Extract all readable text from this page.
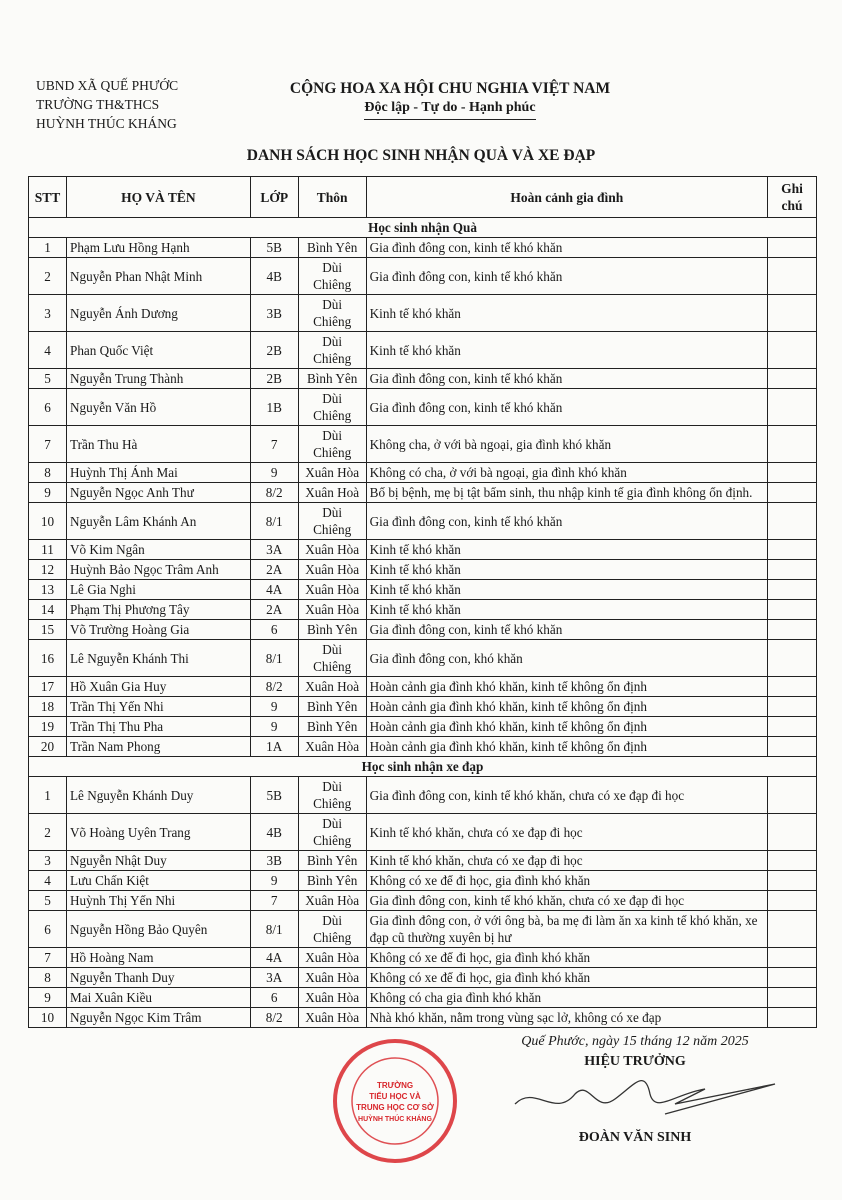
UBND XÃ QUẾ PHƯỚC
TRƯỜNG TH&THCS
HUỲNH THÚC KHÁNG
CỘNG HOA XA HỘI CHU NGHIA VIỆT NAM
Độc lập - Tự do - Hạnh phúc
DANH SÁCH HỌC SINH NHẬN QUÀ VÀ XE ĐẠP
STT	HỌ VÀ TÊN	LỚP	Thôn	Hoàn cảnh gia đình	Ghi chú
Học sinh nhận Quà					
1	Phạm Lưu Hồng Hạnh	5B	Bình Yên	Gia đình đông con, kinh tế khó khăn	
2	Nguyễn Phan Nhật Minh	4B	Dùi Chiêng	Gia đình đông con, kinh tế khó khăn	
3	Nguyễn Ánh Dương	3B	Dùi Chiêng	Kinh tế khó khăn	
4	Phan Quốc Việt	2B	Dùi Chiêng	Kinh tế khó khăn	
5	Nguyễn Trung Thành	2B	Bình Yên	Gia đình đông con, kinh tế khó khăn	
6	Nguyễn Văn Hồ	1B	Dùi Chiêng	Gia đình đông con, kinh tế khó khăn	
7	Trần Thu Hà	7	Dùi Chiêng	Không cha, ở với bà ngoại, gia đình khó khăn	
8	Huỳnh Thị Ánh Mai	9	Xuân Hòa	Không có cha, ở với bà ngoại, gia đình khó khăn	
9	Nguyễn Ngọc Anh Thư	8/2	Xuân Hoà	Bố bị bệnh, mẹ bị tật bẩm sinh, thu nhập kinh tế gia đình không ổn định.	
10	Nguyễn Lâm Khánh An	8/1	Dùi Chiêng	Gia đình đông con, kinh tế khó khăn	
11	Võ Kim Ngân	3A	Xuân Hòa	Kinh tế khó khăn	
12	Huỳnh Bảo Ngọc Trâm Anh	2A	Xuân Hòa	Kinh tế khó khăn	
13	Lê Gia Nghi	4A	Xuân Hòa	Kinh tế khó khăn	
14	Phạm Thị Phương Tây	2A	Xuân Hòa	Kinh tế khó khăn	
15	Võ Trường Hoàng Gia	6	Bình Yên	Gia đình đông con, kinh tế khó khăn	
16	Lê Nguyễn Khánh Thi	8/1	Dùi Chiêng	Gia đình đông con, khó khăn	
17	Hồ Xuân Gia Huy	8/2	Xuân Hoà	Hoàn cảnh gia đình khó khăn, kinh tế không ổn định	
18	Trần Thị Yến Nhi	9	Bình Yên	Hoàn cảnh gia đình khó khăn, kinh tế không ổn định	
19	Trần Thị Thu Pha	9	Bình Yên	Hoàn cảnh gia đình khó khăn, kinh tế không ổn định	
20	Trần Nam Phong	1A	Xuân Hòa	Hoàn cảnh gia đình khó khăn, kinh tế không ổn định	
Học sinh nhận xe đạp					
1	Lê Nguyễn Khánh Duy	5B	Dùi Chiêng	Gia đình đông con, kinh tế khó khăn, chưa có xe đạp đi học	
2	Võ Hoàng Uyên Trang	4B	Dùi Chiêng	Kinh tế khó khăn, chưa có xe đạp đi học	
3	Nguyễn Nhật Duy	3B	Bình Yên	Kinh tế khó khăn, chưa có xe đạp đi học	
4	Lưu Chấn Kiệt	9	Bình Yên	Không có xe để đi học, gia đình khó khăn	
5	Huỳnh Thị Yến Nhi	7	Xuân Hòa	Gia đình đông con, kinh tế khó khăn, chưa có xe đạp đi học	
6	Nguyễn Hồng Bảo Quyên	8/1	Dùi Chiêng	Gia đình đông con, ở với ông bà, ba mẹ đi làm ăn xa kinh tế khó khăn, xe đạp cũ thường xuyên bị hư	
7	Hồ Hoàng Nam	4A	Xuân Hòa	Không có xe để đi học, gia đình khó khăn	
8	Nguyễn Thanh Duy	3A	Xuân Hòa	Không có xe để đi học, gia đình khó khăn	
9	Mai Xuân Kiều	6	Xuân Hòa	Không có cha gia đình khó khăn	
10	Nguyễn Ngọc Kim Trâm	8/2	Xuân Hòa	Nhà khó khăn, nằm trong vùng sạc lở, không có xe đạp	
TRƯỜNG
TIỂU HỌC VÀ
TRUNG HỌC CƠ SỞ
HUỲNH THÚC KHÁNG
Quế Phước, ngày 15 tháng 12 năm 2025
HIỆU TRƯỞNG
ĐOÀN VĂN SINH
